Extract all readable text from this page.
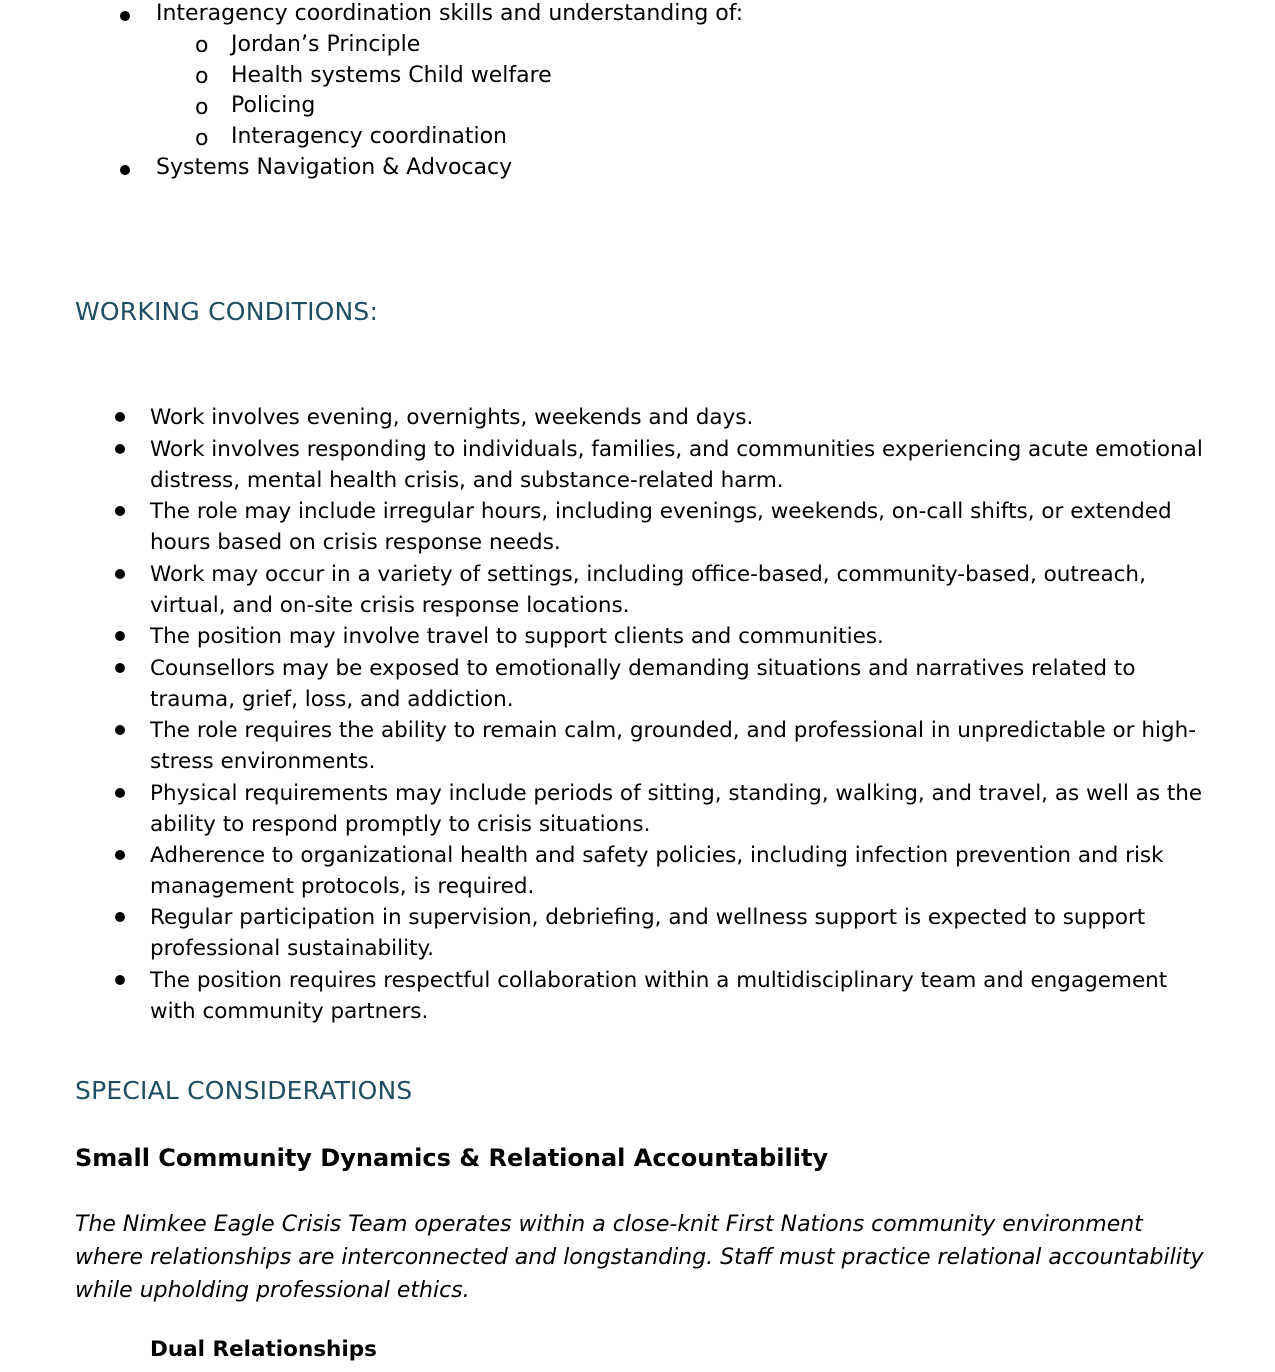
Interagency coordination skills and understanding of:
o Jordan’s Principle
o Health systems Child welfare
o Policing
o Interagency coordination
Systems Navigation & Advocacy
WORKING CONDITIONS:
Work involves evening, overnights, weekends and days.
Work involves responding to individuals, families, and communities experiencing acute emotional distress, mental health crisis, and substance-related harm.
The role may include irregular hours, including evenings, weekends, on-call shifts, or extended hours based on crisis response needs.
Work may occur in a variety of settings, including office-based, community-based, outreach, virtual, and on-site crisis response locations.
The position may involve travel to support clients and communities.
Counsellors may be exposed to emotionally demanding situations and narratives related to trauma, grief, loss, and addiction.
The role requires the ability to remain calm, grounded, and professional in unpredictable or high-stress environments.
Physical requirements may include periods of sitting, standing, walking, and travel, as well as the ability to respond promptly to crisis situations.
Adherence to organizational health and safety policies, including infection prevention and risk management protocols, is required.
Regular participation in supervision, debriefing, and wellness support is expected to support professional sustainability.
The position requires respectful collaboration within a multidisciplinary team and engagement with community partners.
SPECIAL CONSIDERATIONS
Small Community Dynamics & Relational Accountability
The Nimkee Eagle Crisis Team operates within a close-knit First Nations community environment where relationships are interconnected and longstanding. Staff must practice relational accountability while upholding professional ethics.
Dual Relationships
